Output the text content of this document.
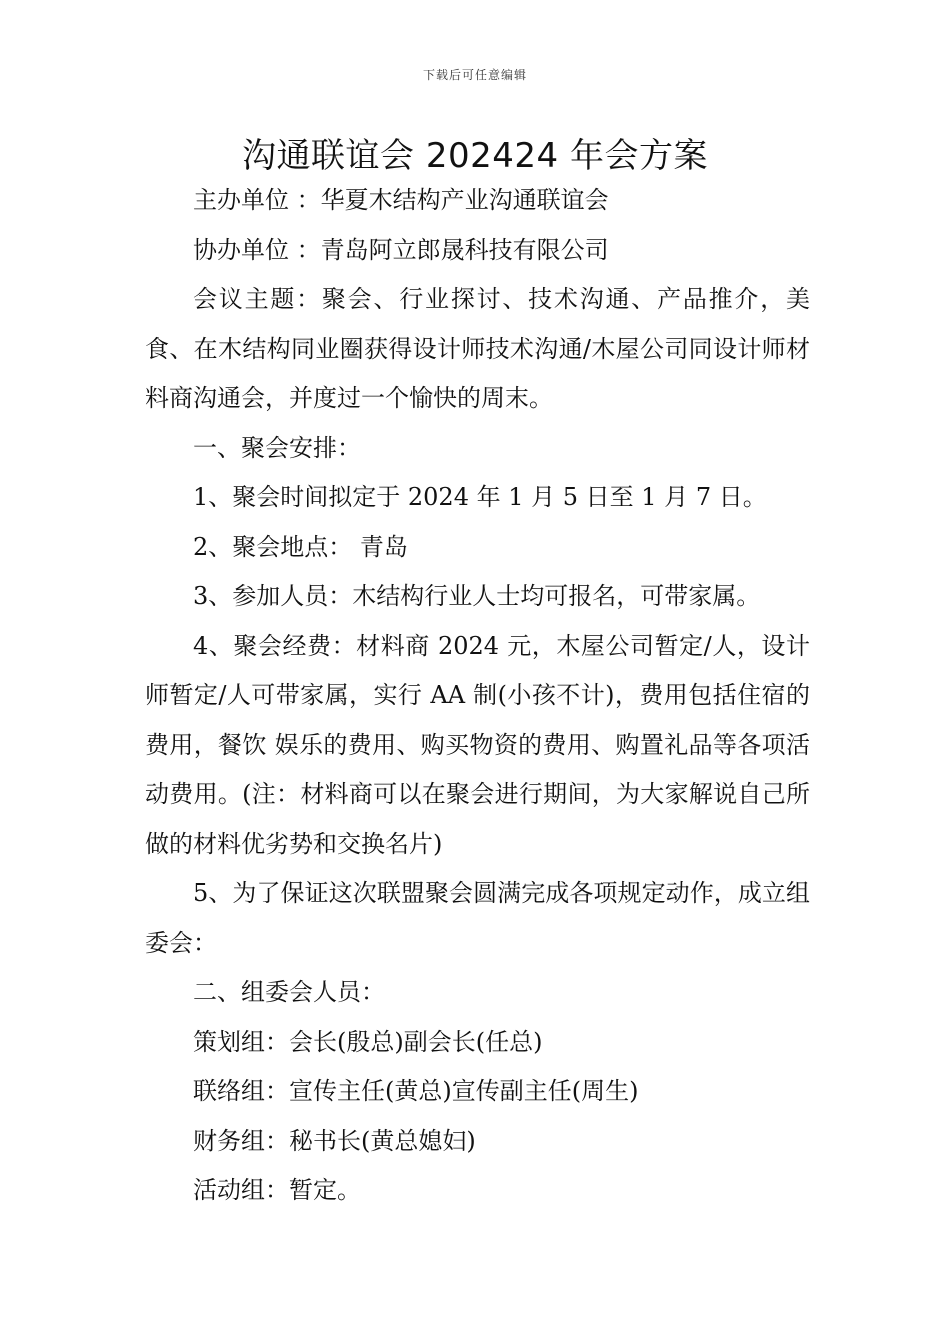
下载后可任意编辑
沟通联谊会 202424 年会方案

主办单位 ：华夏木结构产业沟通联谊会

协办单位 ：青岛阿立郎晟科技有限公司

会议主题：聚会、行业探讨、技术沟通、产品推介，美食、在木结构同业圈获得设计师技术沟通/木屋公司同设计师材料商沟通会，并度过一个愉快的周末。

一、聚会安排：

1、聚会时间拟定于 2024 年 1 月 5 日至 1 月 7 日。

2、聚会地点： 青岛

3、参加人员：木结构行业人士均可报名，可带家属。

4、聚会经费：材料商 2024 元，木屋公司暂定/人，设计师暂定/人可带家属，实行 AA 制(小孩不计)，费用包括住宿的费用，餐饮 娱乐的费用、购买物资的费用、购置礼品等各项活动费用。(注：材料商可以在聚会进行期间，为大家解说自己所做的材料优劣势和交换名片)

5、为了保证这次联盟聚会圆满完成各项规定动作，成立组委会：

二、组委会人员：

策划组：会长(殷总)副会长(任总)

联络组：宣传主任(黄总)宣传副主任(周生)

财务组：秘书长(黄总媳妇)

活动组：暂定。
